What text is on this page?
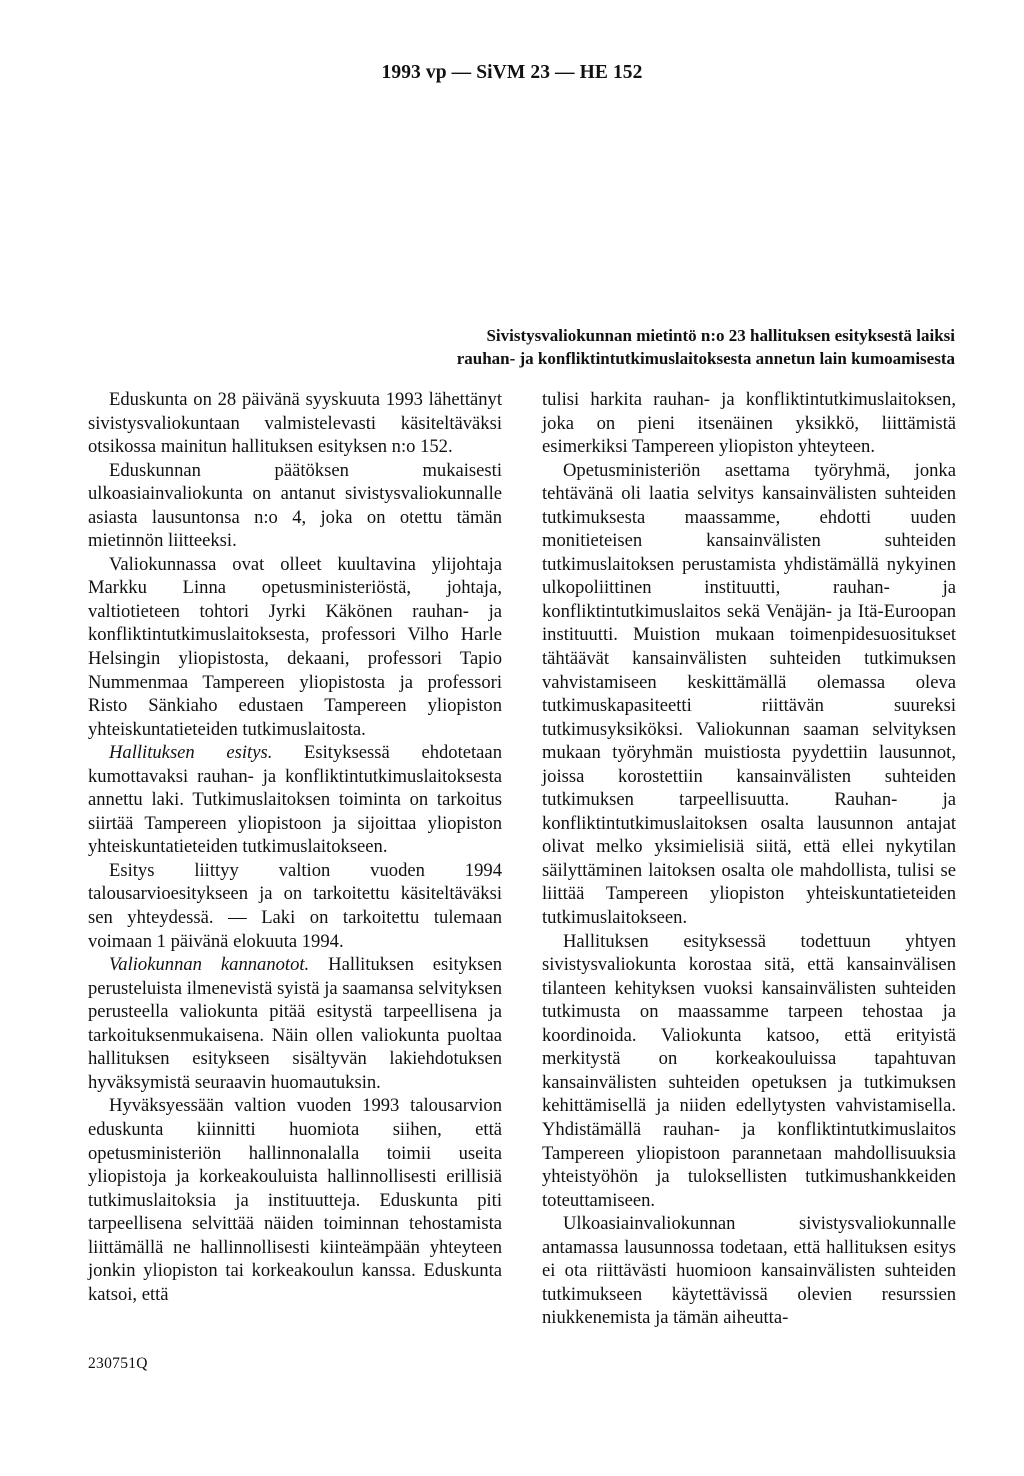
1993 vp — SiVM 23 — HE 152
Sivistysvaliokunnan mietintö n:o 23 hallituksen esityksestä laiksi
rauhan- ja konfliktintutkimuslaitoksesta annetun lain kumoamisesta

Eduskunta on 28 päivänä syyskuuta 1993 lähettänyt sivistysvaliokuntaan valmistelevasti käsiteltäväksi otsikossa mainitun hallituksen esityksen n:o 152.

Eduskunnan päätöksen mukaisesti ulkoasiainvaliokunta on antanut sivistysvaliokunnalle asiasta lausuntonsa n:o 4, joka on otettu tämän mietinnön liitteeksi.

Valiokunnassa ovat olleet kuultavina ylijohtaja Markku Linna opetusministeriöstä, johtaja, valtiotieteen tohtori Jyrki Käkönen rauhan- ja konfliktintutkimuslaitoksesta, professori Vilho Harle Helsingin yliopistosta, dekaani, professori Tapio Nummenmaa Tampereen yliopistosta ja professori Risto Sänkiaho edustaen Tampereen yliopiston yhteiskuntatieteiden tutkimuslaitosta.

Hallituksen esitys. Esityksessä ehdotetaan kumottavaksi rauhan- ja konfliktintutkimuslaitoksesta annettu laki. Tutkimuslaitoksen toiminta on tarkoitus siirtää Tampereen yliopistoon ja sijoittaa yliopiston yhteiskuntatieteiden tutkimuslaitokseen.

Esitys liittyy valtion vuoden 1994 talousarvioesitykseen ja on tarkoitettu käsiteltäväksi sen yhteydessä. — Laki on tarkoitettu tulemaan voimaan 1 päivänä elokuuta 1994.

Valiokunnan kannanotot. Hallituksen esityksen perusteluista ilmenevistä syistä ja saamansa selvityksen perusteella valiokunta pitää esitystä tarpeellisena ja tarkoituksenmukaisena. Näin ollen valiokunta puoltaa hallituksen esitykseen sisältyvän lakiehdotuksen hyväksymistä seuraavin huomautuksin.

Hyväksyessään valtion vuoden 1993 talousarvion eduskunta kiinnitti huomiota siihen, että opetusministeriön hallinnonalalla toimii useita yliopistoja ja korkeakouluista hallinnollisesti erillisiä tutkimuslaitoksia ja instituutteja. Eduskunta piti tarpeellisena selvittää näiden toiminnan tehostamista liittämällä ne hallinnollisesti kiinteämpään yhteyteen jonkin yliopiston tai korkeakoulun kanssa. Eduskunta katsoi, että

tulisi harkita rauhan- ja konfliktintutkimuslaitoksen, joka on pieni itsenäinen yksikkö, liittämistä esimerkiksi Tampereen yliopiston yhteyteen.

Opetusministeriön asettama työryhmä, jonka tehtävänä oli laatia selvitys kansainvälisten suhteiden tutkimuksesta maassamme, ehdotti uuden monitieteisen kansainvälisten suhteiden tutkimuslaitoksen perustamista yhdistämällä nykyinen ulkopoliittinen instituutti, rauhan- ja konfliktintutkimuslaitos sekä Venäjän- ja Itä-Euroopan instituutti. Muistion mukaan toimenpidesuositukset tähtäävät kansainvälisten suhteiden tutkimuksen vahvistamiseen keskittämällä olemassa oleva tutkimuskapasiteetti riittävän suureksi tutkimusyksiköksi. Valiokunnan saaman selvityksen mukaan työryhmän muistiosta pyydettiin lausunnot, joissa korostettiin kansainvälisten suhteiden tutkimuksen tarpeellisuutta. Rauhan- ja konfliktintutkimuslaitoksen osalta lausunnon antajat olivat melko yksimielisiä siitä, että ellei nykytilan säilyttäminen laitoksen osalta ole mahdollista, tulisi se liittää Tampereen yliopiston yhteiskuntatieteiden tutkimuslaitokseen.

Hallituksen esityksessä todettuun yhtyen sivistysvaliokunta korostaa sitä, että kansainvälisen tilanteen kehityksen vuoksi kansainvälisten suhteiden tutkimusta on maassamme tarpeen tehostaa ja koordinoida. Valiokunta katsoo, että erityistä merkitystä on korkeakouluissa tapahtuvan kansainvälisten suhteiden opetuksen ja tutkimuksen kehittämisellä ja niiden edellytysten vahvistamisella. Yhdistämällä rauhan- ja konfliktintutkimuslaitos Tampereen yliopistoon parannetaan mahdollisuuksia yhteistyöhön ja tuloksellisten tutkimushankkeiden toteuttamiseen.

Ulkoasiainvaliokunnan sivistysvaliokunnalle antamassa lausunnossa todetaan, että hallituksen esitys ei ota riittävästi huomioon kansainvälisten suhteiden tutkimukseen käytettävissä olevien resurssien niukkenemista ja tämän aiheutta-

230751Q
